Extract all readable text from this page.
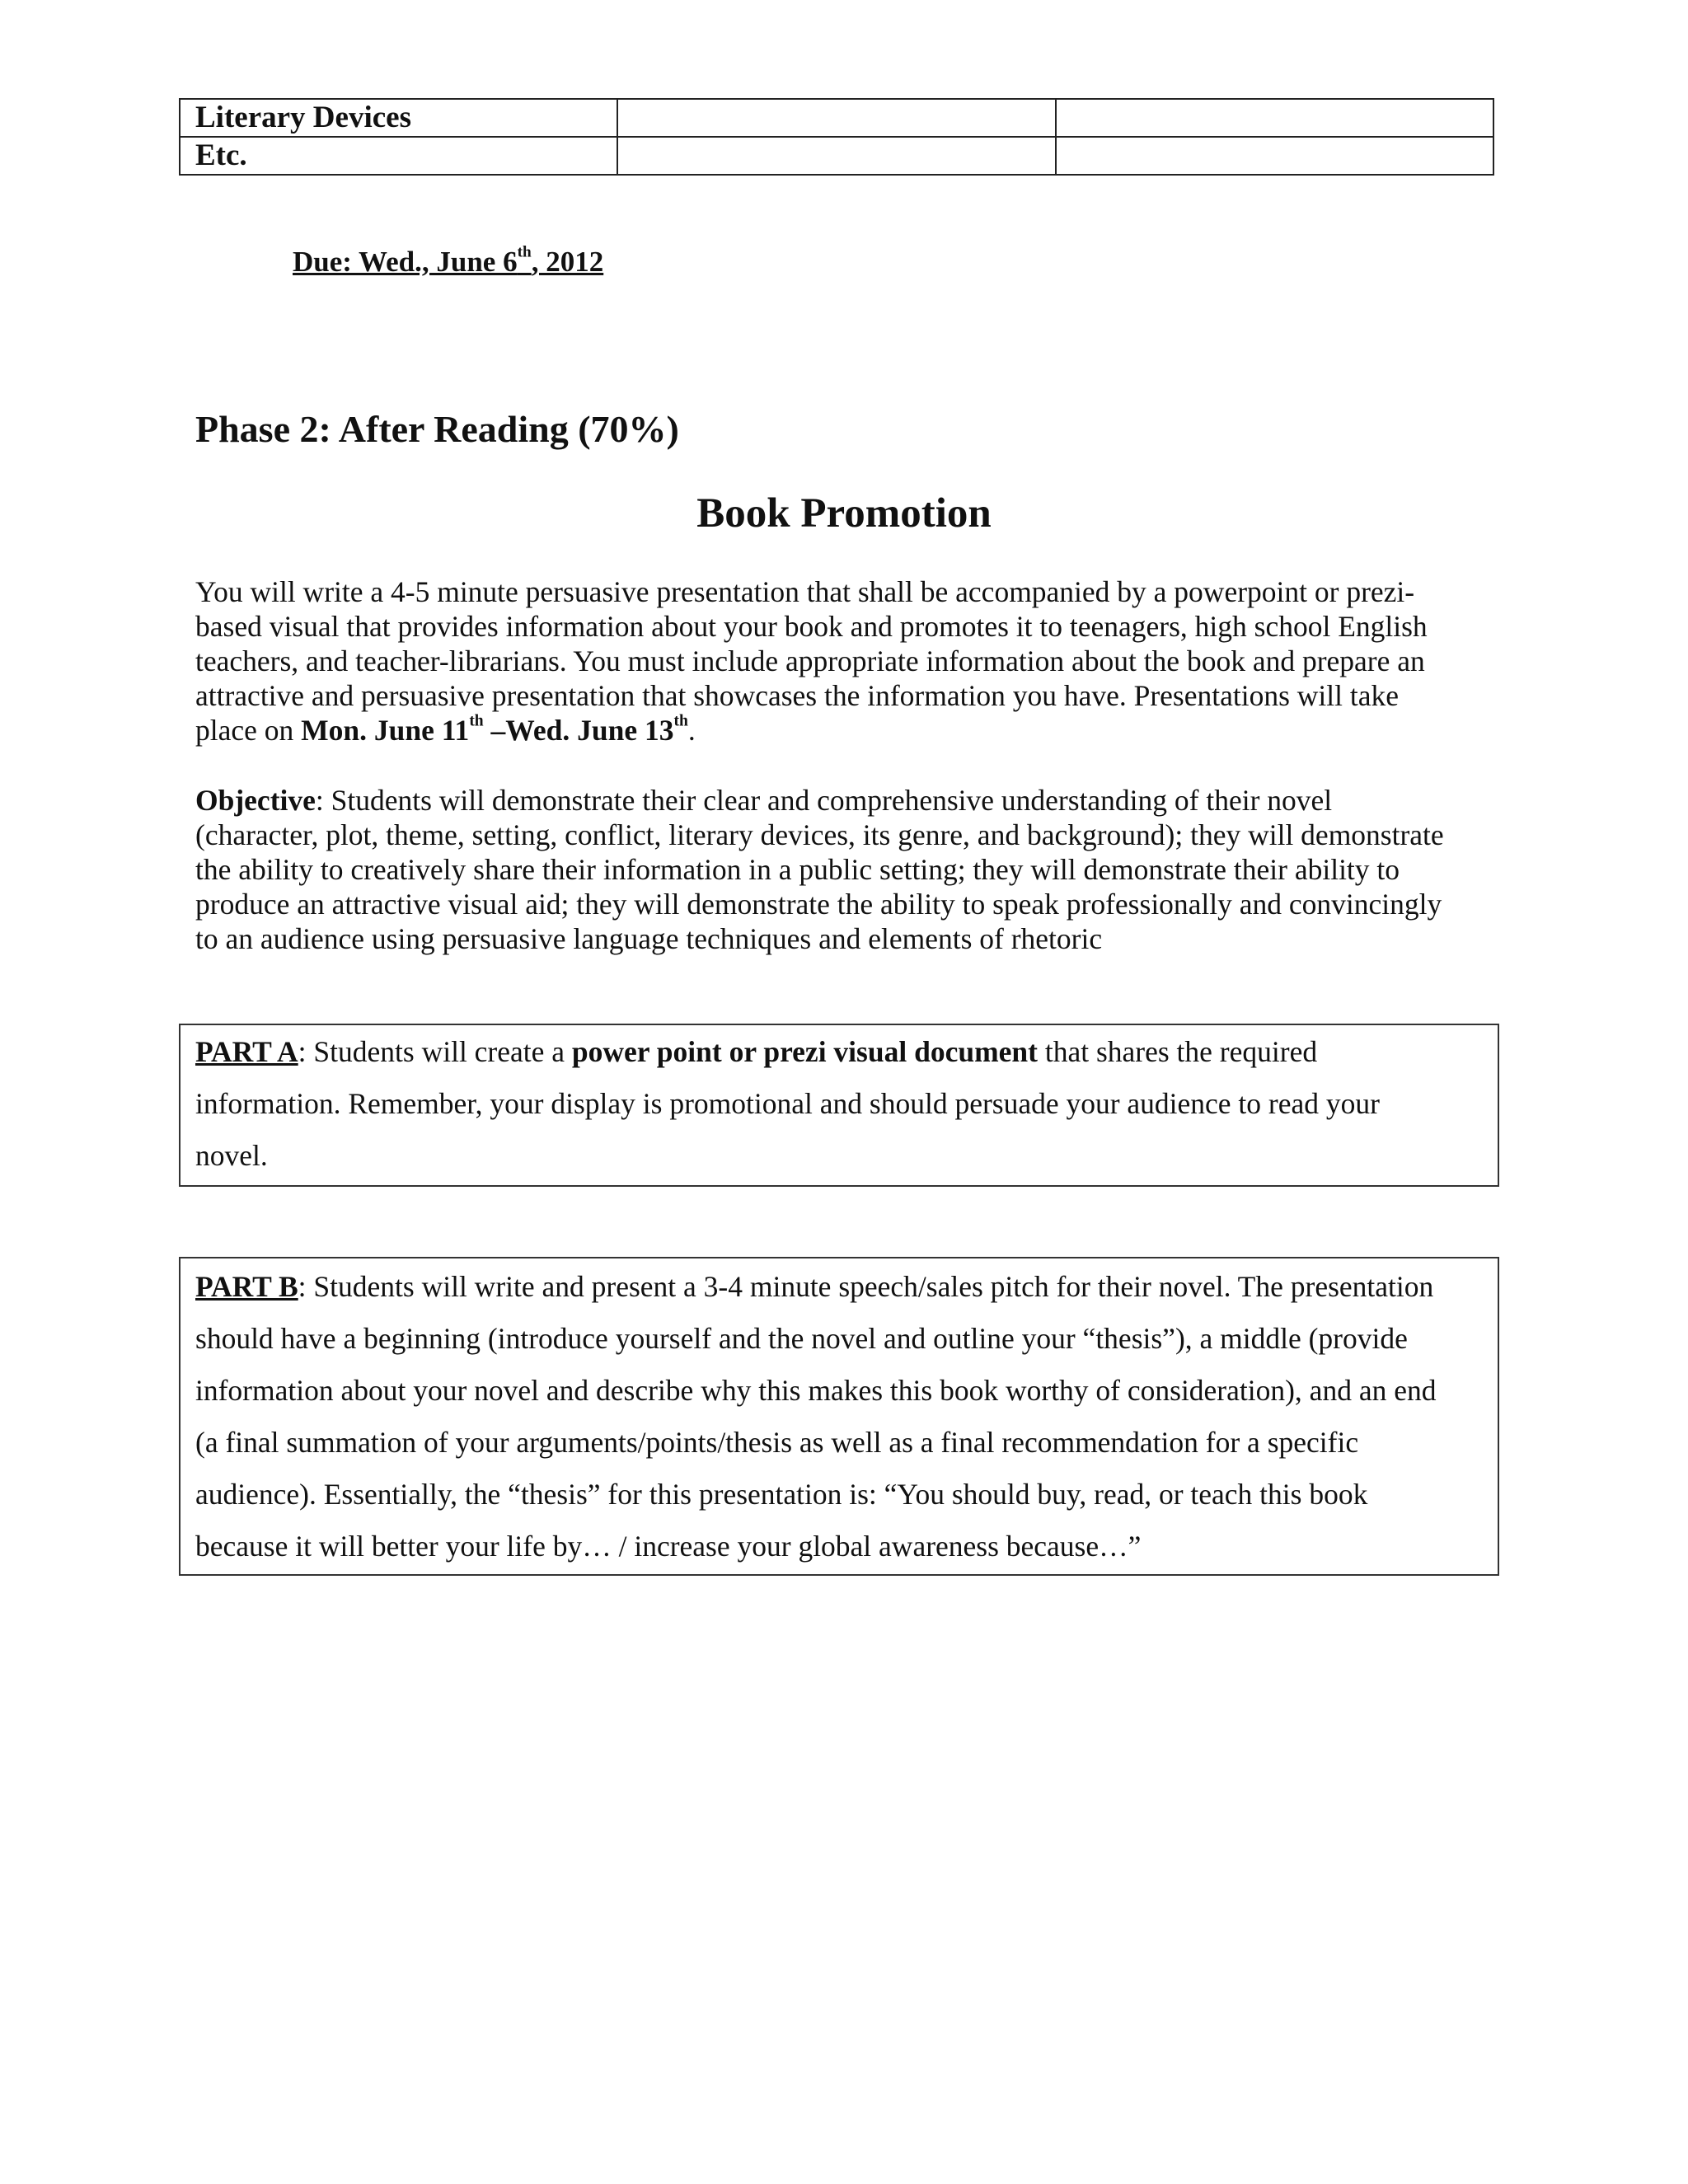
Literary Devices		
Etc.		
Due: Wed., June 6th, 2012
Phase 2: After Reading (70%)
Book Promotion
You will write a 4-5 minute persuasive presentation that shall be accompanied by a powerpoint or prezi-
based visual that provides information about your book and promotes it to teenagers, high school English
teachers, and teacher-librarians. You must include appropriate information about the book and prepare an
attractive and persuasive presentation that showcases the information you have. Presentations will take
place on Mon. June 11th –Wed. June 13th.
Objective: Students will demonstrate their clear and comprehensive understanding of their novel
(character, plot, theme, setting, conflict, literary devices, its genre, and background); they will demonstrate
the ability to creatively share their information in a public setting; they will demonstrate their ability to
produce an attractive visual aid; they will demonstrate the ability to speak professionally and convincingly
to an audience using persuasive language techniques and elements of rhetoric
PART A: Students will create a power point or prezi visual document that shares the required
information. Remember, your display is promotional and should persuade your audience to read your
novel.
PART B: Students will write and present a 3-4 minute speech/sales pitch for their novel. The presentation
should have a beginning (introduce yourself and the novel and outline your “thesis”), a middle (provide
information about your novel and describe why this makes this book worthy of consideration), and an end
(a final summation of your arguments/points/thesis as well as a final recommendation for a specific
audience). Essentially, the “thesis” for this presentation is: “You should buy, read, or teach this book
because it will better your life by… / increase your global awareness because…”
